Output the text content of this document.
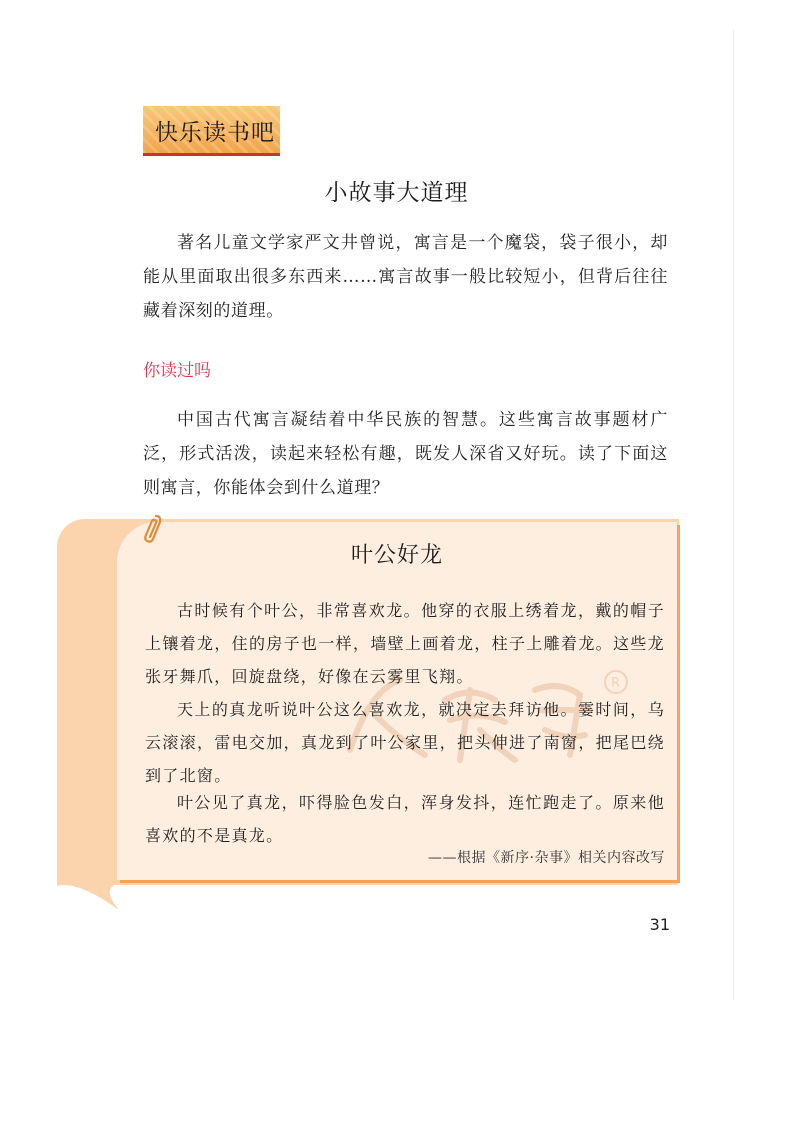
快乐读书吧
小故事大道理

著名儿童文学家严文井曾说，寓言是一个魔袋，袋子很小，却能从里面取出很多东西来……寓言故事一般比较短小，但背后往往藏着深刻的道理。

你读过吗

中国古代寓言凝结着中华民族的智慧。这些寓言故事题材广泛，形式活泼，读起来轻松有趣，既发人深省又好玩。读了下面这则寓言，你能体会到什么道理？

R
叶公好龙

古时候有个叶公，非常喜欢龙。他穿的衣服上绣着龙，戴的帽子上镶着龙，住的房子也一样，墙壁上画着龙，柱子上雕着龙。这些龙张牙舞爪，回旋盘绕，好像在云雾里飞翔。

天上的真龙听说叶公这么喜欢龙，就决定去拜访他。霎时间，乌云滚滚，雷电交加，真龙到了叶公家里，把头伸进了南窗，把尾巴绕到了北窗。

叶公见了真龙，吓得脸色发白，浑身发抖，连忙跑走了。原来他喜欢的不是真龙。

——根据《新序·杂事》相关内容改写
31
